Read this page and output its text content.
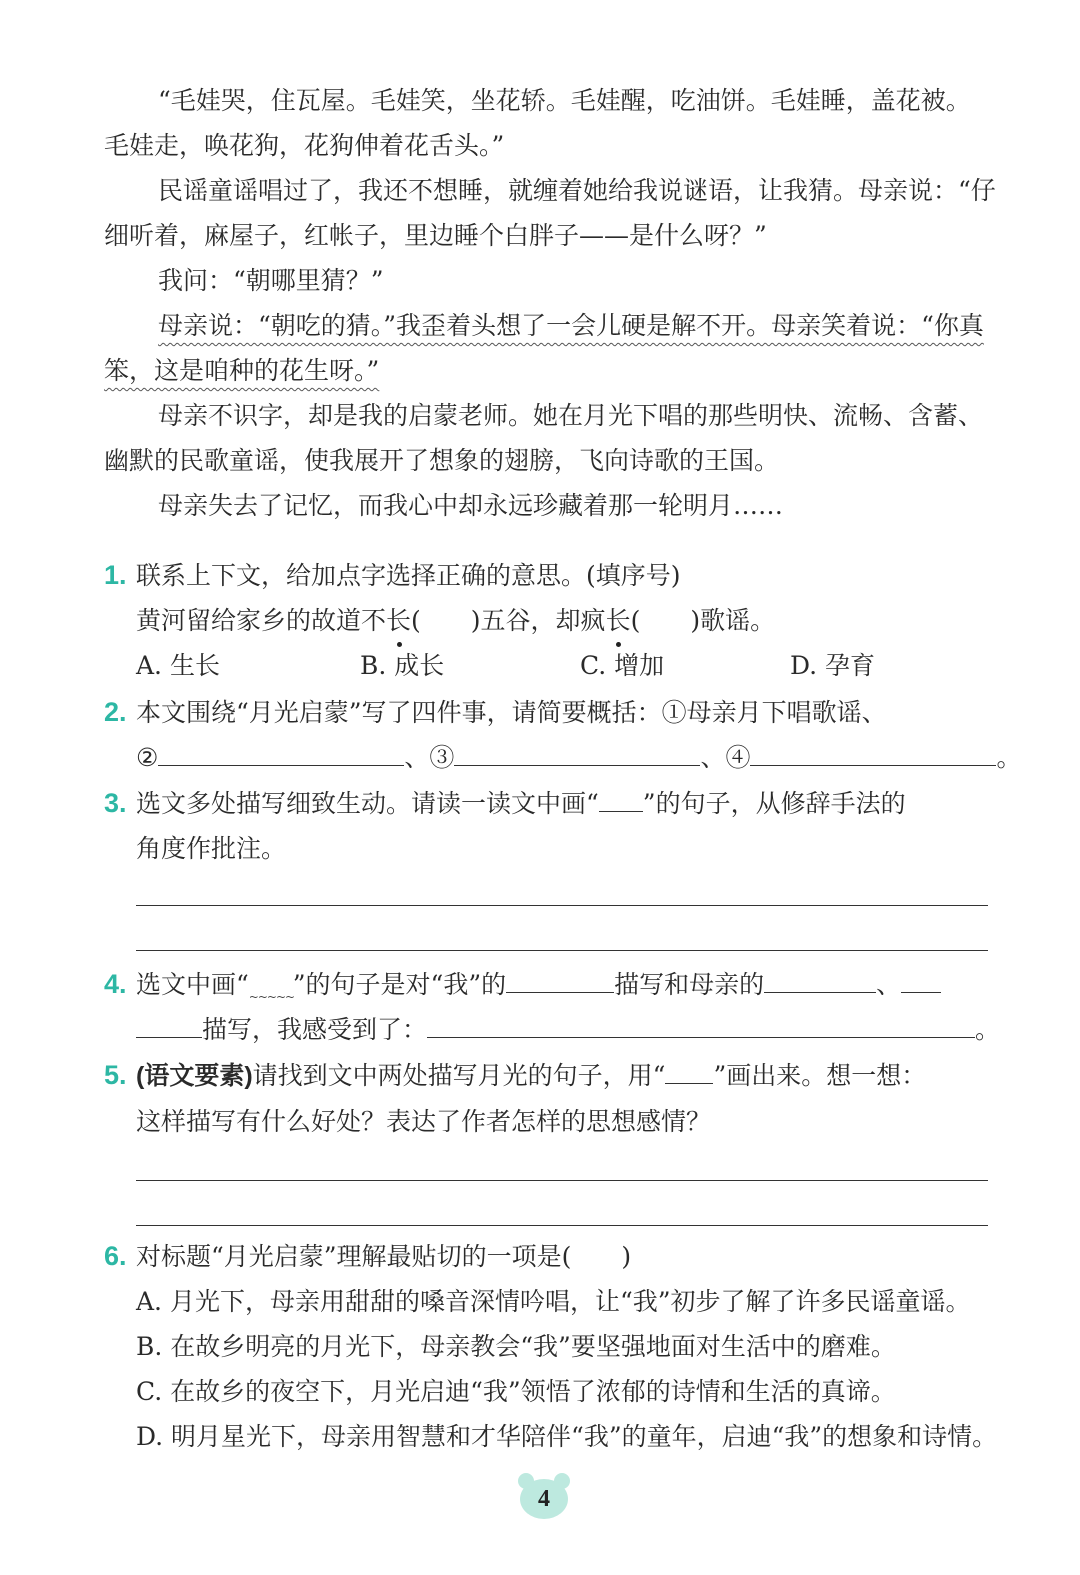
“毛娃哭，住瓦屋。毛娃笑，坐花轿。毛娃醒，吃油饼。毛娃睡，盖花被。

毛娃走，唤花狗，花狗伸着花舌头。”

民谣童谣唱过了，我还不想睡，就缠着她给我说谜语，让我猜。母亲说：“仔细听着，麻屋子，红帐子，里边睡个白胖子——是什么呀？”

我问：“朝哪里猜？”

母亲说：“朝吃的猜。”我歪着头想了一会儿硬是解不开。母亲笑着说：“你真笨，这是咱种的花生呀。”

母亲不识字，却是我的启蒙老师。她在月光下唱的那些明快、流畅、含蓄、幽默的民歌童谣，使我展开了想象的翅膀，飞向诗歌的王国。

母亲失去了记忆，而我心中却永远珍藏着那一轮明月……

1. 联系上下文，给加点字选择正确的意思。(填序号)
黄河留给家乡的故道不长(　　)五谷，却疯长(　　)歌谣。
A. 生长	B. 成长	C. 增加	D. 孕育
2. 本文围绕“月光启蒙”写了四件事，请简要概括：①母亲月下唱歌谣、
②	、③	、④	。
3. 选文多处描写细致生动。请读一读文中画“ ”的句子，从修辞手法的
角度作批注。
4. 选文中画“~~~~~ ”的句子是对“我”的	描写和母亲的	、
描写，我感受到了：	。
5. (语文要素)请找到文中两处描写月光的句子，用“ ”画出来。想一想：
这样描写有什么好处？表达了作者怎样的思想感情？
6. 对标题“月光启蒙”理解最贴切的一项是(　　)
A. 月光下，母亲用甜甜的嗓音深情吟唱，让“我”初步了解了许多民谣童谣。
B. 在故乡明亮的月光下，母亲教会“我”要坚强地面对生活中的磨难。
C. 在故乡的夜空下，月光启迪“我”领悟了浓郁的诗情和生活的真谛。
D. 明月星光下，母亲用智慧和才华陪伴“我”的童年，启迪“我”的想象和诗情。
4
